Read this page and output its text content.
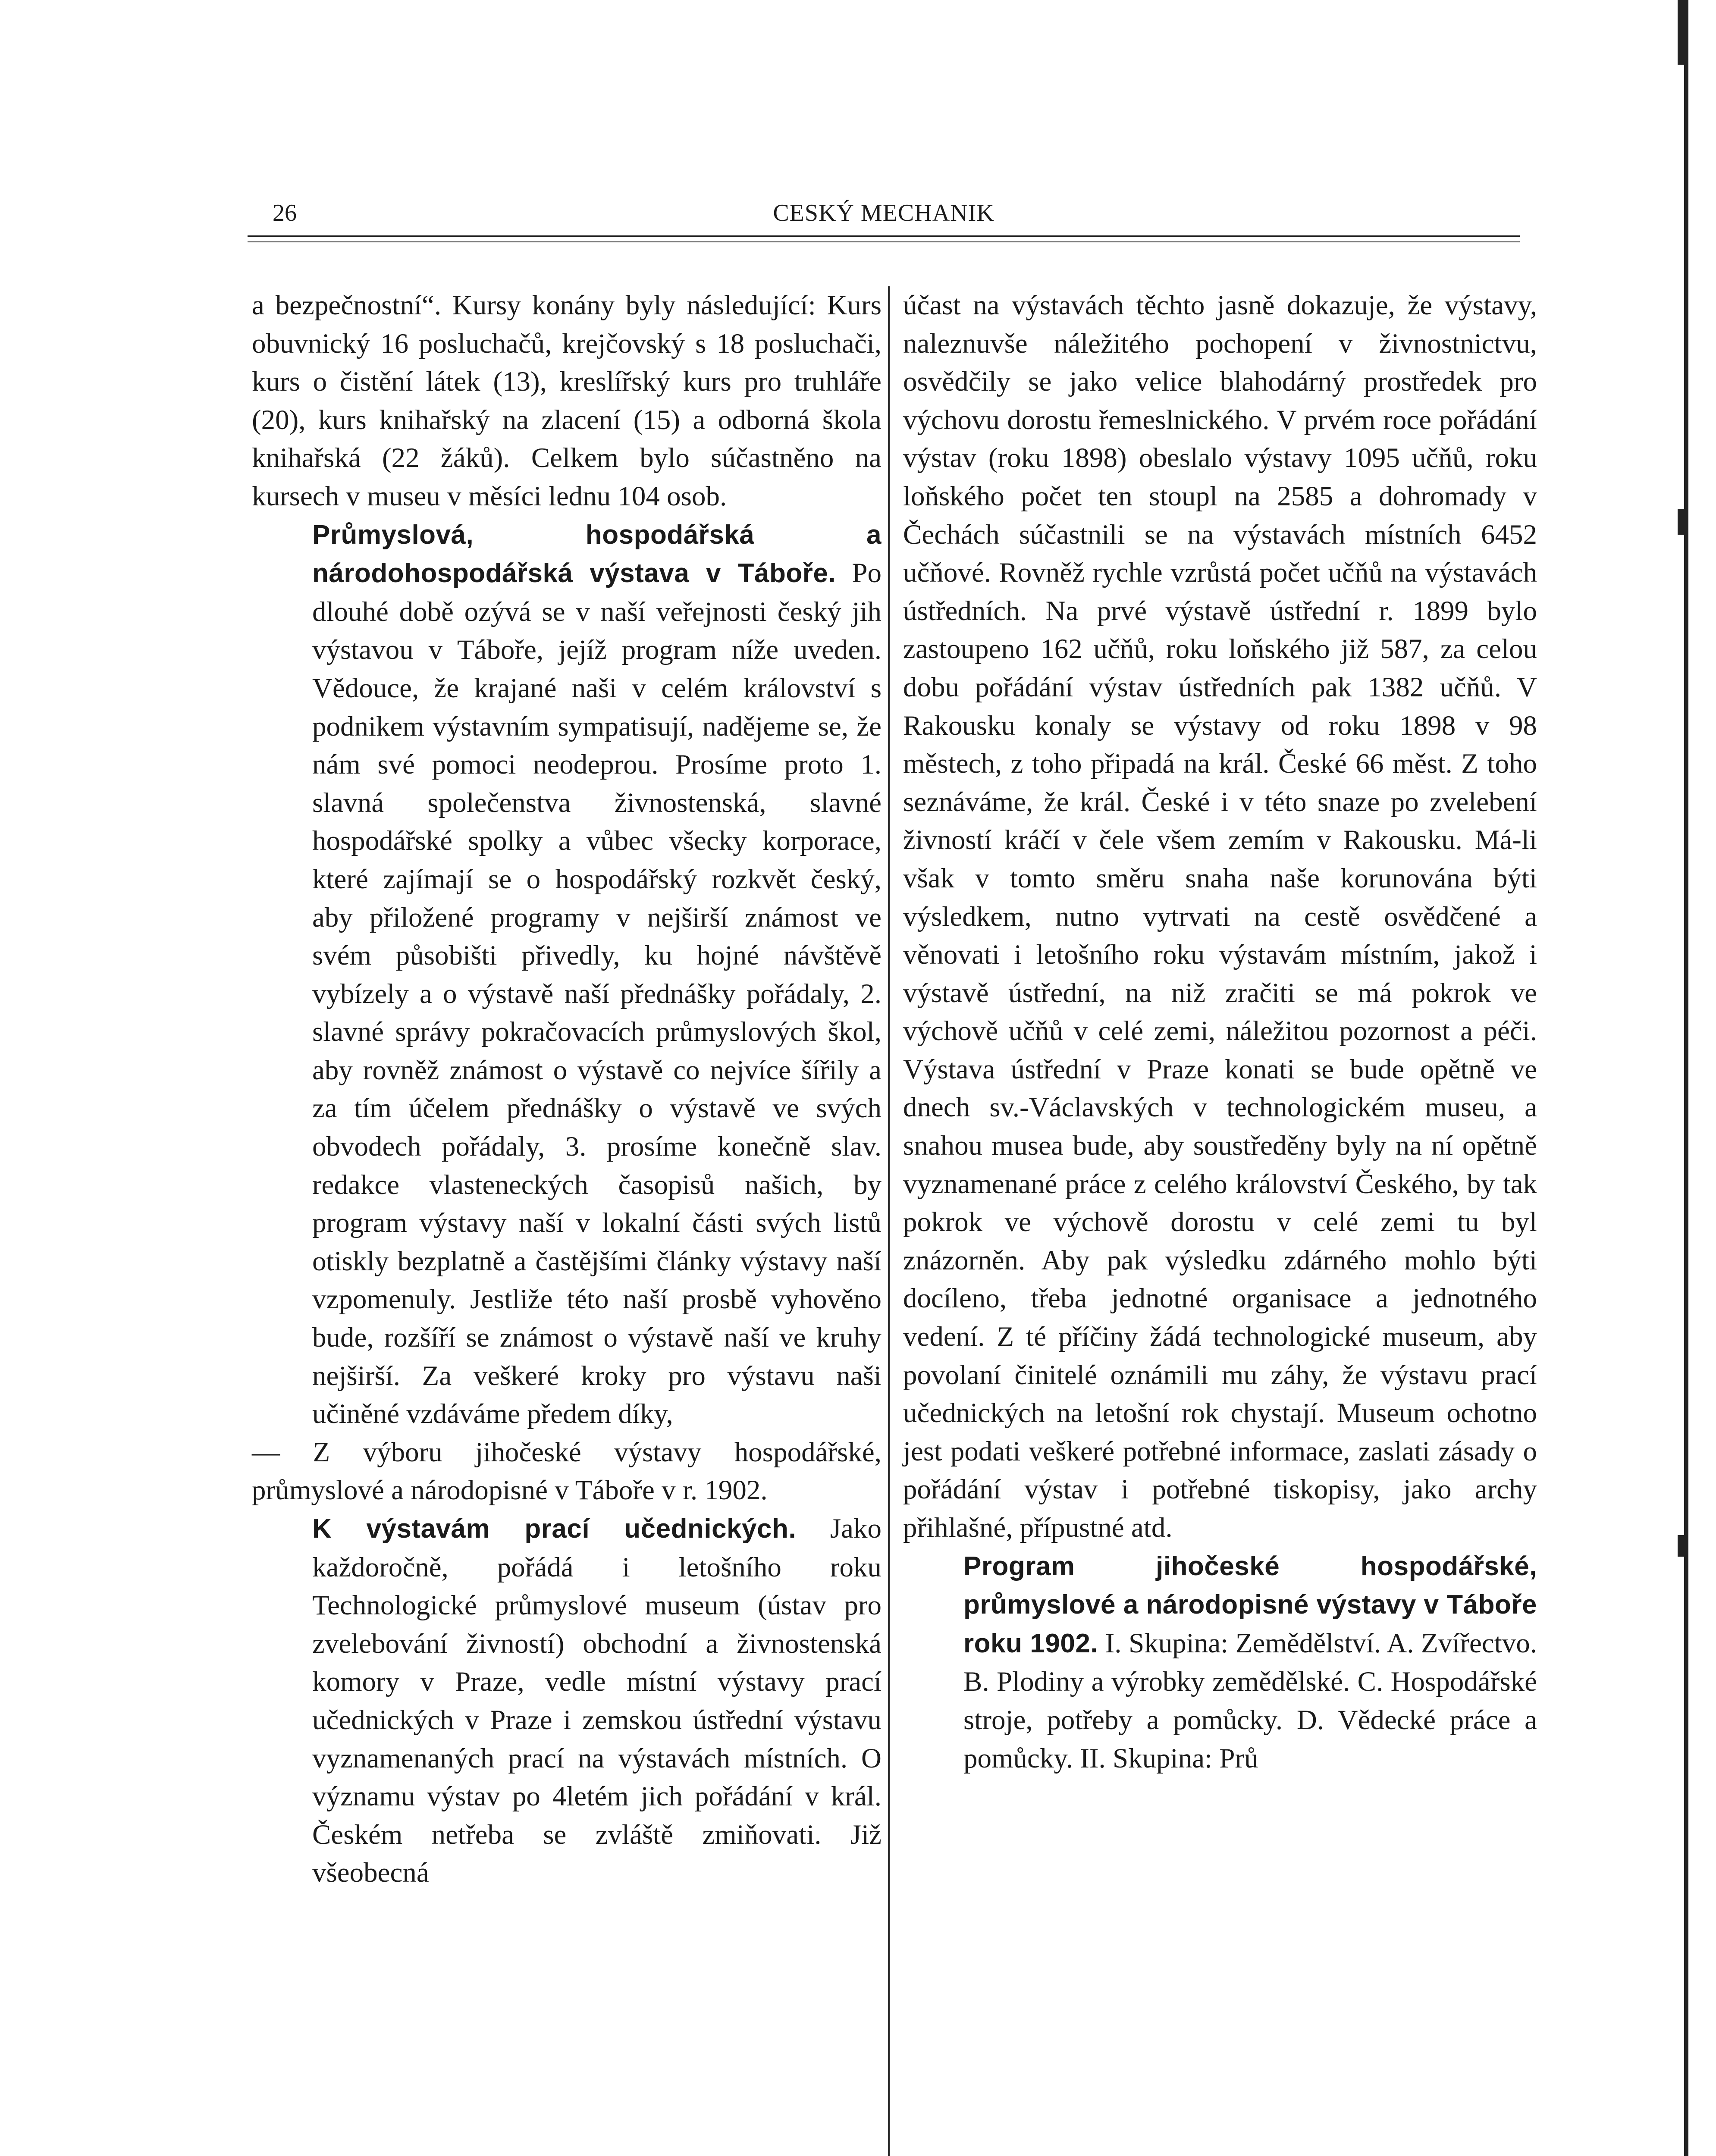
26	CESKÝ MECHANIK

a bezpečnostní“. Kursy konány byly následující: Kurs obuvnický 16 posluchačů, krejčovský s 18 posluchači, kurs o čistění látek (13), kreslířský kurs pro truhláře (20), kurs knihařský na zlacení (15) a odborná škola knihařská (22 žáků). Celkem bylo súčastněno na kursech v museu v měsíci lednu 104 osob.

Průmyslová, hospodářská a národohospodářská výstava v Táboře. Po dlouhé době ozývá se v naší veřejnosti český jih výstavou v Táboře, jejíž program níže uveden. Vědouce, že krajané naši v celém království s podnikem výstavním sympatisují, nadějeme se, že nám své pomoci neodeprou. Prosíme proto 1. slavná společenstva živnostenská, slavné hospodářské spolky a vůbec všecky korporace, které zajímají se o hospodářský rozkvět český, aby přiložené programy v nejširší známost ve svém působišti přivedly, ku hojné návštěvě vybízely a o výstavě naší přednášky pořádaly, 2. slavné správy pokračovacích průmyslových škol, aby rovněž známost o výstavě co nejvíce šířily a za tím účelem přednášky o výstavě ve svých obvodech pořádaly, 3. prosíme konečně slav. redakce vlasteneckých časopisů našich, by program výstavy naší v lokalní části svých listů otiskly bezplatně a častějšími články výstavy naší vzpomenuly. Jestliže této naší prosbě vyhověno bude, rozšíří se známost o výstavě naší ve kruhy nejširší. Za veškeré kroky pro výstavu naši učiněné vzdáváme předem díky,

— Z výboru jihočeské výstavy hospodářské, průmyslové a národopisné v Táboře v r. 1902.

K výstavám prací učednických. Jako každoročně, pořádá i letošního roku Technologické průmyslové museum (ústav pro zvelebování živností) obchodní a živnostenská komory v Praze, vedle místní výstavy prací učednických v Praze i zemskou ústřední výstavu vyznamenaných prací na výstavách místních. O významu výstav po 4letém jich pořádání v král. Českém netřeba se zvláště zmiňovati. Již všeobecná

účast na výstavách těchto jasně dokazuje, že výstavy, naleznuvše náležitého pochopení v živnostnictvu, osvědčily se jako velice blahodárný prostředek pro výchovu dorostu řemeslnického. V prvém roce pořádání výstav (roku 1898) obeslalo výstavy 1095 učňů, roku loňského počet ten stoupl na 2585 a dohromady v Čechách súčastnili se na výstavách místních 6452 učňové. Rovněž rychle vzrůstá počet učňů na výstavách ústředních. Na prvé výstavě ústřední r. 1899 bylo zastoupeno 162 učňů, roku loňského již 587, za celou dobu pořádání výstav ústředních pak 1382 učňů. V Rakousku konaly se výstavy od roku 1898 v 98 městech, z toho připadá na král. České 66 měst. Z toho seznáváme, že král. České i v této snaze po zvelebení živností kráčí v čele všem zemím v Rakousku. Má-li však v tomto směru snaha naše korunována býti výsledkem, nutno vytrvati na cestě osvědčené a věnovati i letošního roku výstavám místním, jakož i výstavě ústřední, na niž zračiti se má pokrok ve výchově učňů v celé zemi, náležitou pozornost a péči. Výstava ústřední v Praze konati se bude opětně ve dnech sv.-Václavských v technologickém museu, a snahou musea bude, aby soustředěny byly na ní opětně vyznamenané práce z celého království Českého, by tak pokrok ve výchově dorostu v celé zemi tu byl znázorněn. Aby pak výsledku zdárného mohlo býti docíleno, třeba jednotné organisace a jednotného vedení. Z té příčiny žádá technologické museum, aby povolaní činitelé oznámili mu záhy, že výstavu prací učednických na letošní rok chystají. Museum ochotno jest podati veškeré potřebné informace, zaslati zásady o pořádání výstav i potřebné tiskopisy, jako archy přihlašné, přípustné atd.

Program jihočeské hospodářské, průmyslové a národopisné výstavy v Táboře roku 1902. I. Skupina: Zemědělství. A. Zvířectvo. B. Plodiny a výrobky zemědělské. C. Hospodářské stroje, potřeby a pomůcky. D. Vědecké práce a pomůcky. II. Skupina: Prů
